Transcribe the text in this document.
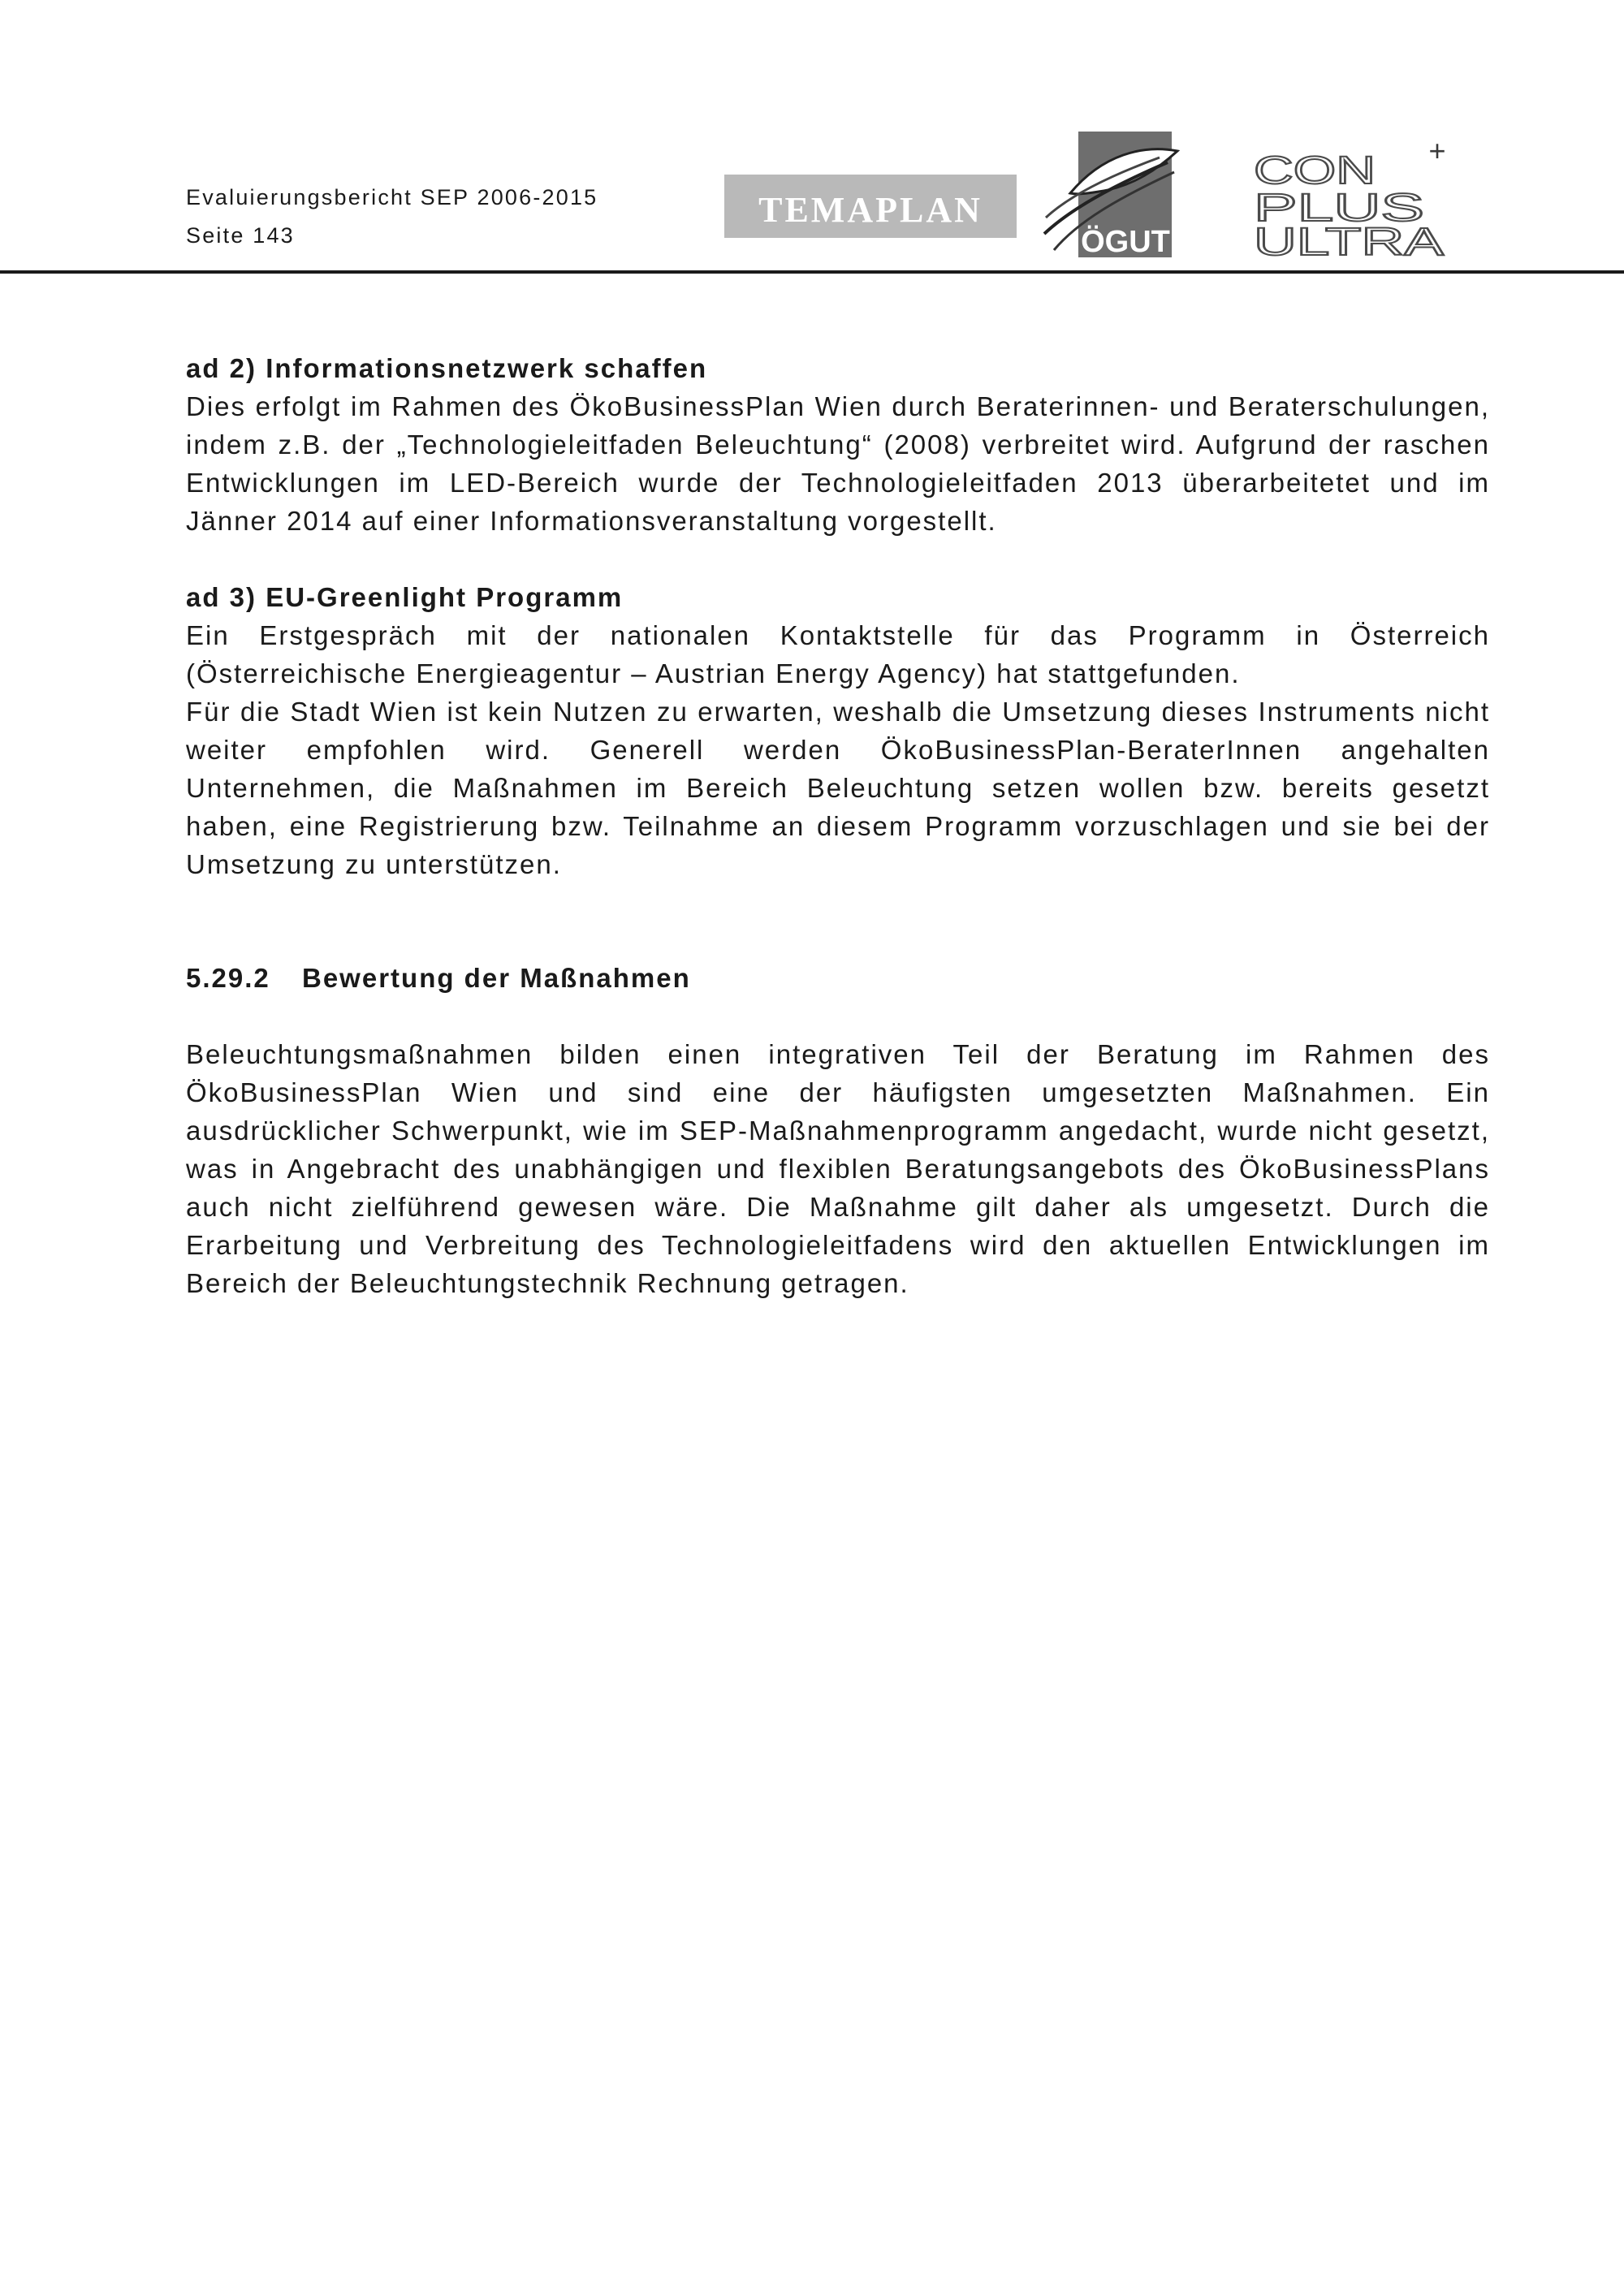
Evaluierungsbericht SEP 2006-2015
Seite 143
TEMAPLAN
ÖGUT
+
CON
PLUS
ULTRA
ad 2) Informationsnetzwerk schaffen

Dies erfolgt im Rahmen des ÖkoBusinessPlan Wien durch Beraterinnen- und Beraterschulungen, indem z.B. der „Technologieleitfaden Beleuchtung“ (2008) verbreitet wird. Aufgrund der raschen Entwicklungen im LED-Bereich wurde der Technologieleitfaden 2013 überarbeitetet und im Jänner 2014 auf einer Informationsveranstaltung vorgestellt.

ad 3) EU-Greenlight Programm

Ein Erstgespräch mit der nationalen Kontaktstelle für das Programm in Österreich (Österreichische Energieagentur – Austrian Energy Agency) hat stattgefunden.

Für die Stadt Wien ist kein Nutzen zu erwarten, weshalb die Umsetzung dieses Instruments nicht weiter empfohlen wird. Generell werden ÖkoBusinessPlan-BeraterInnen angehalten Unternehmen, die Maßnahmen im Bereich Beleuchtung setzen wollen bzw. bereits gesetzt haben, eine Registrierung bzw. Teilnahme an diesem Programm vorzuschlagen und sie bei der Umsetzung zu unterstützen.

5.29.2 Bewertung der Maßnahmen

Beleuchtungsmaßnahmen bilden einen integrativen Teil der Beratung im Rahmen des ÖkoBusinessPlan Wien und sind eine der häufigsten umgesetzten Maßnahmen. Ein ausdrücklicher Schwerpunkt, wie im SEP-Maßnahmenprogramm angedacht, wurde nicht gesetzt, was in Angebracht des unabhängigen und flexiblen Beratungsangebots des ÖkoBusinessPlans auch nicht zielführend gewesen wäre. Die Maßnahme gilt daher als umgesetzt. Durch die Erarbeitung und Verbreitung des Technologieleitfadens wird den aktuellen Entwicklungen im Bereich der Beleuchtungstechnik Rechnung getragen.
